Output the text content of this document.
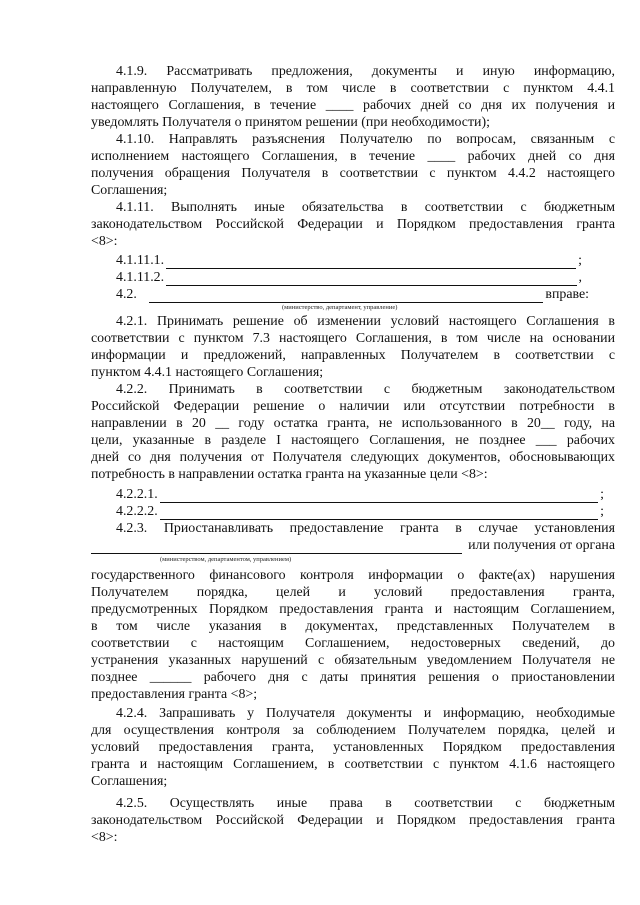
4.1.9. Рассматривать предложения, документы и иную информацию,

направленную Получателем, в том числе в соответствии с пунктом 4.4.1

настоящего Соглашения, в течение ____ рабочих дней со дня их получения и

уведомлять Получателя о принятом решении (при необходимости);

4.1.10. Направлять разъяснения Получателю по вопросам, связанным с

исполнением настоящего Соглашения, в течение ____ рабочих дней со дня

получения обращения Получателя в соответствии с пунктом 4.4.2 настоящего

Соглашения;

4.1.11. Выполнять иные обязательства в соответствии с бюджетным

законодательством Российской Федерации и Порядком предоставления гранта

<8>:

4.1.11.1.	;
4.1.11.2.	,
4.2.	вправе:
(министерство, департамент, управление)

4.2.1. Принимать решение об изменении условий настоящего Соглашения в

соответствии с пунктом 7.3 настоящего Соглашения, в том числе на основании

информации и предложений, направленных Получателем в соответствии с

пунктом 4.4.1 настоящего Соглашения;

4.2.2. Принимать в соответствии с бюджетным законодательством

Российской Федерации решение о наличии или отсутствии потребности в

направлении в 20 __ году остатка гранта, не использованного в 20__ году, на

цели, указанные в разделе I настоящего Соглашения, не позднее ___ рабочих

дней со дня получения от Получателя следующих документов, обосновывающих

потребность в направлении остатка гранта на указанные цели <8>:

4.2.2.1.	;
4.2.2.2.	;

4.2.3. Приостанавливать предоставление гранта в случае установления

или получения от органа
(министерством, департаментом, управлением)

государственного финансового контроля информации о факте(ах) нарушения

Получателем порядка, целей и условий предоставления гранта,

предусмотренных Порядком предоставления гранта и настоящим Соглашением,

в том числе указания в документах, представленных Получателем в

соответствии с настоящим Соглашением, недостоверных сведений, до

устранения указанных нарушений с обязательным уведомлением Получателя не

позднее ______ рабочего дня с даты принятия решения о приостановлении

предоставления гранта <8>;

4.2.4. Запрашивать у Получателя документы и информацию, необходимые

для осуществления контроля за соблюдением Получателем порядка, целей и

условий предоставления гранта, установленных Порядком предоставления

гранта и настоящим Соглашением, в соответствии с пунктом 4.1.6 настоящего

Соглашения;

4.2.5. Осуществлять иные права в соответствии с бюджетным

законодательством Российской Федерации и Порядком предоставления гранта

<8>:
